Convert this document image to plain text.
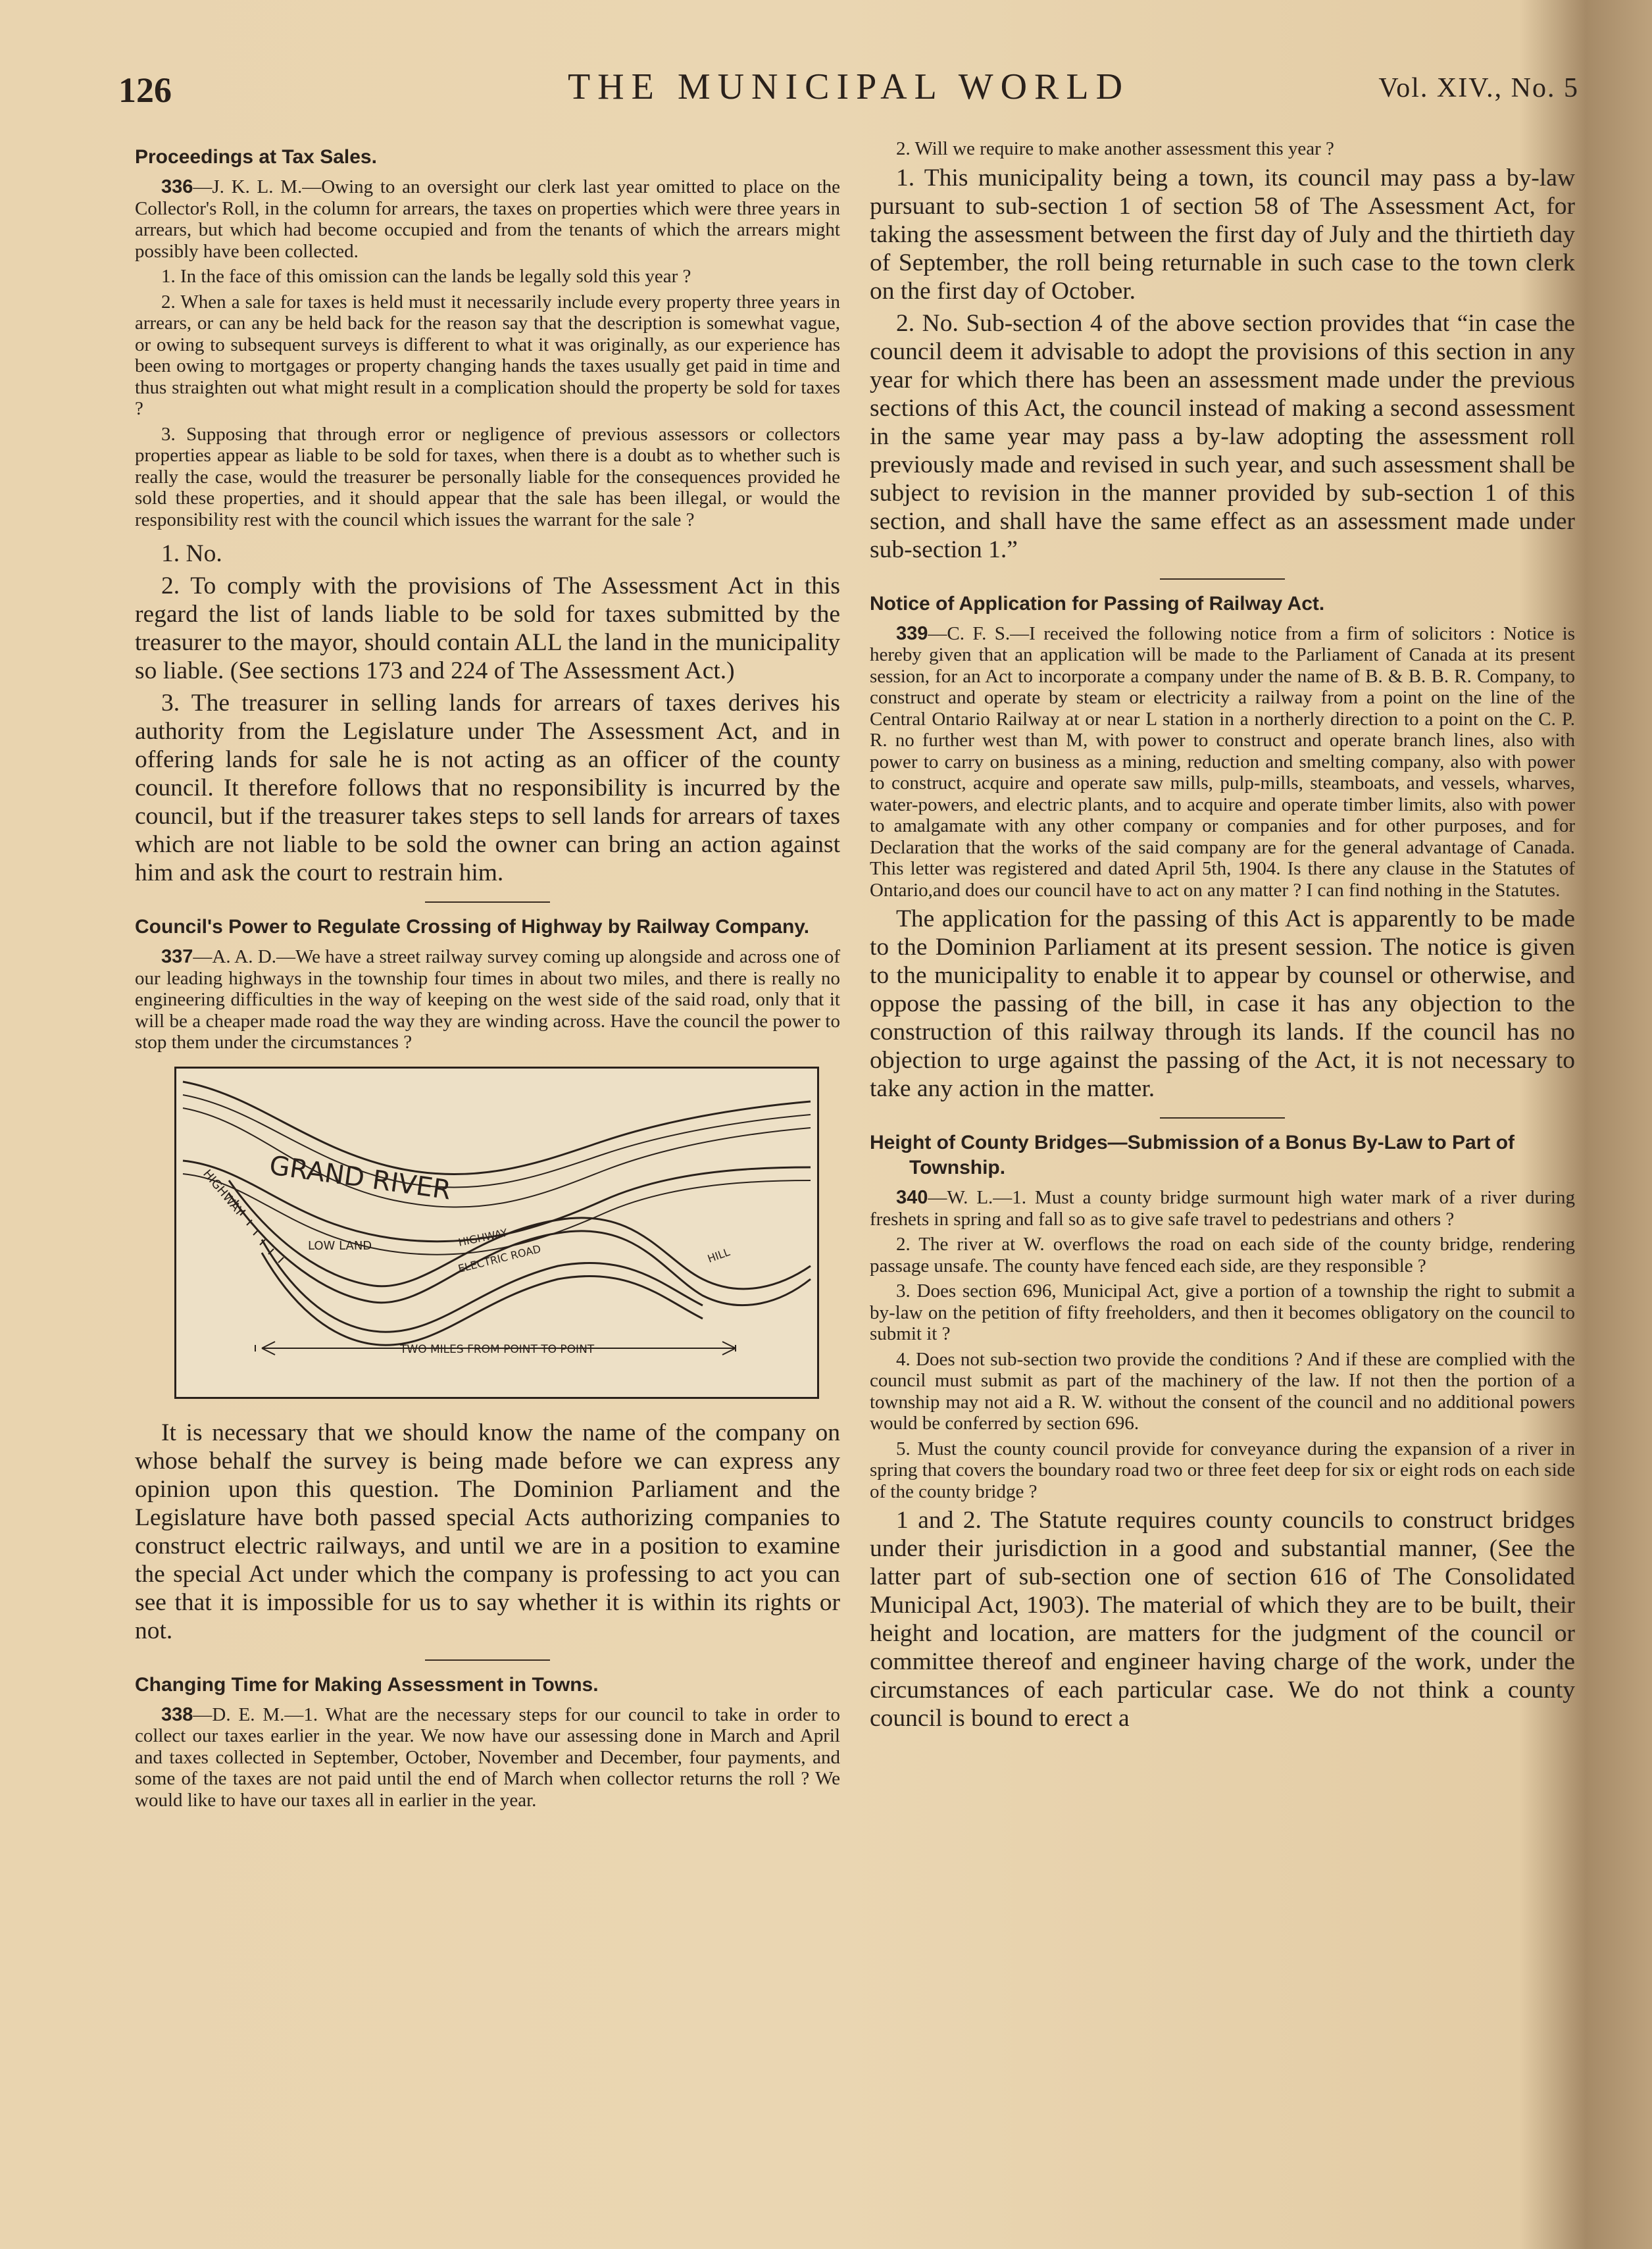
126	THE MUNICIPAL WORLD	Vol. XIV., No. 5
Proceedings at Tax Sales.

336—J. K. L. M.—Owing to an oversight our clerk last year omitted to place on the Collector's Roll, in the column for arrears, the taxes on properties which were three years in arrears, but which had become occupied and from the tenants of which the arrears might possibly have been collected.

1. In the face of this omission can the lands be legally sold this year ?

2. When a sale for taxes is held must it necessarily include every property three years in arrears, or can any be held back for the reason say that the description is somewhat vague, or owing to subsequent surveys is different to what it was originally, as our experience has been owing to mortgages or property changing hands the taxes usually get paid in time and thus straighten out what might result in a complication should the property be sold for taxes ?

3. Supposing that through error or negligence of previous assessors or collectors properties appear as liable to be sold for taxes, when there is a doubt as to whether such is really the case, would the treasurer be personally liable for the consequences provided he sold these properties, and it should appear that the sale has been illegal, or would the responsibility rest with the council which issues the warrant for the sale ?

1. No.

2. To comply with the provisions of The Assessment Act in this regard the list of lands liable to be sold for taxes submitted by the treasurer to the mayor, should contain ALL the land in the municipality so liable. (See sections 173 and 224 of The Assessment Act.)

3. The treasurer in selling lands for arrears of taxes derives his authority from the Legislature under The Assessment Act, and in offering lands for sale he is not acting as an officer of the county council. It therefore follows that no responsibility is incurred by the council, but if the treasurer takes steps to sell lands for arrears of taxes which are not liable to be sold the owner can bring an action against him and ask the court to restrain him.

Council's Power to Regulate Crossing of Highway by Railway Company.

337—A. A. D.—We have a street railway survey coming up alongside and across one of our leading highways in the township four times in about two miles, and there is really no engineering difficulties in the way of keeping on the west side of the said road, only that it will be a cheaper made road the way they are winding across. Have the council the power to stop them under the circumstances ?

GRAND RIVER
HIGHWAY
LOW LAND	HIGHWAY
ELECTRIC ROAD	HILL
TWO MILES FROM POINT TO POINT

It is necessary that we should know the name of the company on whose behalf the survey is being made before we can express any opinion upon this question. The Dominion Parliament and the Legislature have both passed special Acts authorizing companies to construct electric railways, and until we are in a position to examine the special Act under which the company is professing to act you can see that it is impossible for us to say whether it is within its rights or not.

Changing Time for Making Assessment in Towns.

338—D. E. M.—1. What are the necessary steps for our council to take in order to collect our taxes earlier in the year. We now have our assessing done in March and April and taxes collected in September, October, November and December, four payments, and some of the taxes are not paid until the end of March when collector returns the roll ? We would like to have our taxes all in earlier in the year.

2. Will we require to make another assessment this year ?

1. This municipality being a town, its council may pass a by-law pursuant to sub-section 1 of section 58 of The Assessment Act, for taking the assessment between the first day of July and the thirtieth day of September, the roll being returnable in such case to the town clerk on the first day of October.

2. No. Sub-section 4 of the above section provides that “in case the council deem it advisable to adopt the provisions of this section in any year for which there has been an assessment made under the previous sections of this Act, the council instead of making a second assessment in the same year may pass a by-law adopting the assessment roll previously made and revised in such year, and such assessment shall be subject to revision in the manner provided by sub-section 1 of this section, and shall have the same effect as an assessment made under sub-section 1.”

Notice of Application for Passing of Railway Act.

339—C. F. S.—I received the following notice from a firm of solicitors : Notice is hereby given that an application will be made to the Parliament of Canada at its present session, for an Act to incorporate a company under the name of B. & B. B. R. Company, to construct and operate by steam or electricity a railway from a point on the line of the Central Ontario Railway at or near L station in a northerly direction to a point on the C. P. R. no further west than M, with power to construct and operate branch lines, also with power to carry on business as a mining, reduction and smelting company, also with power to construct, acquire and operate saw mills, pulp-mills, steamboats, and vessels, wharves, water-powers, and electric plants, and to acquire and operate timber limits, also with power to amalgamate with any other company or companies and for other purposes, and for Declaration that the works of the said company are for the general advantage of Canada. This letter was registered and dated April 5th, 1904. Is there any clause in the Statutes of Ontario,and does our council have to act on any matter ? I can find nothing in the Statutes.

The application for the passing of this Act is apparently to be made to the Dominion Parliament at its present session. The notice is given to the municipality to enable it to appear by counsel or otherwise, and oppose the passing of the bill, in case it has any objection to the construction of this railway through its lands. If the council has no objection to urge against the passing of the Act, it is not necessary to take any action in the matter.

Height of County Bridges—Submission of a Bonus By-Law to Part of Township.

340—W. L.—1. Must a county bridge surmount high water mark of a river during freshets in spring and fall so as to give safe travel to pedestrians and others ?

2. The river at W. overflows the road on each side of the county bridge, rendering passage unsafe. The county have fenced each side, are they responsible ?

3. Does section 696, Municipal Act, give a portion of a township the right to submit a by-law on the petition of fifty freeholders, and then it becomes obligatory on the council to submit it ?

4. Does not sub-section two provide the conditions ? And if these are complied with the council must submit as part of the machinery of the law. If not then the portion of a township may not aid a R. W. without the consent of the council and no additional powers would be conferred by section 696.

5. Must the county council provide for conveyance during the expansion of a river in spring that covers the boundary road two or three feet deep for six or eight rods on each side of the county bridge ?

1 and 2. The Statute requires county councils to construct bridges under their jurisdiction in a good and substantial manner, (See the latter part of sub-section one of section 616 of The Consolidated Municipal Act, 1903). The material of which they are to be built, their height and location, are matters for the judgment of the council or committee thereof and engineer having charge of the work, under the circumstances of each particular case. We do not think a county council is bound to erect a
